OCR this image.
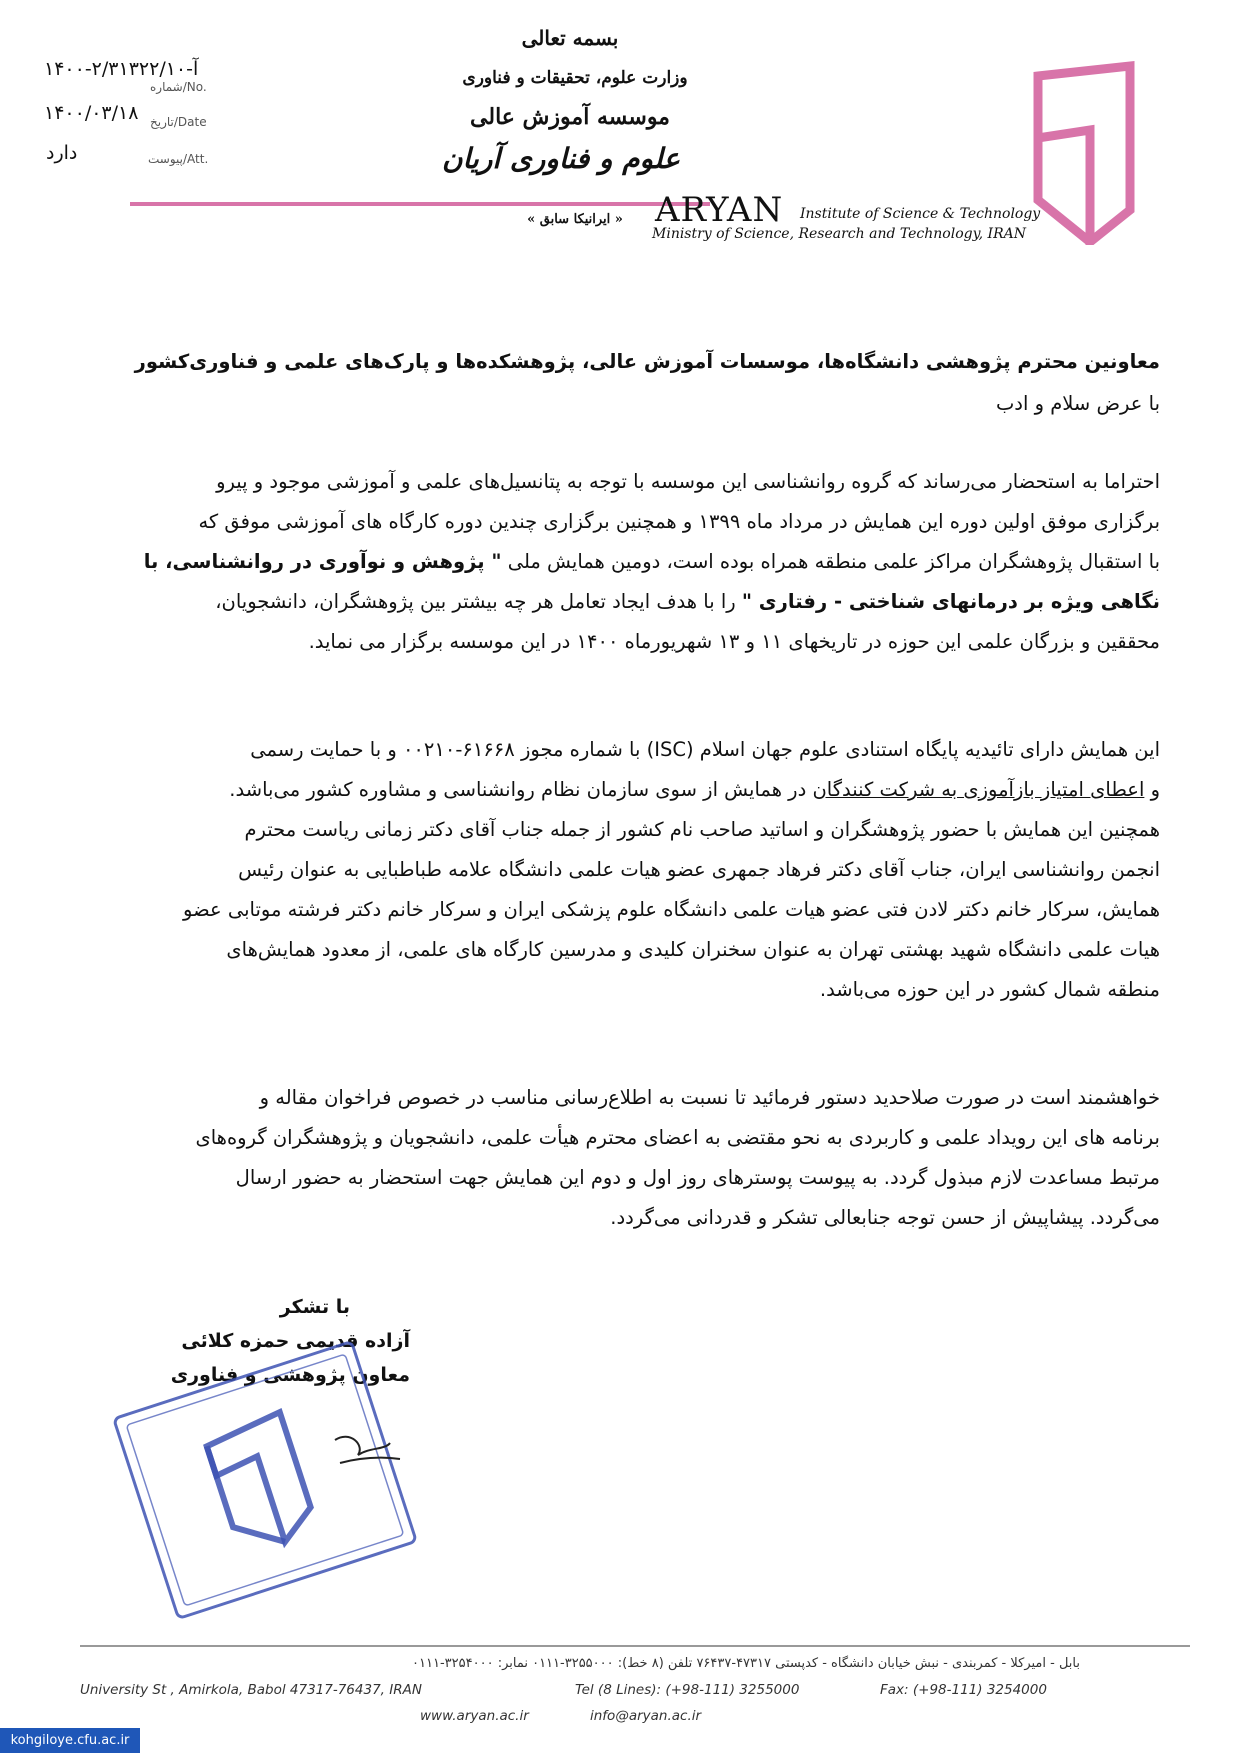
۱۴۰۰-۲/آ-۳۱۳۲۲/۱۰
شماره/No.
۱۴۰۰/۰۳/۱۸ تاریخ/Date
دارد	پیوست/Att.
بسمه تعالی
وزارت علوم، تحقیقات و فناوری
موسسه آموزش عالی
علوم و فناوری آریان
« ایرانیکا سابق » ARYAN Institute of Science & Technology
Ministry of Science, Research and Technology, IRAN
معاونین محترم پژوهشی دانشگاه‌ها، موسسات آموزش عالی، پژوهشکده‌ها و پارک‌های علمی و فناوری‌کشور
با عرض سلام و ادب
احتراما به استحضار می‌رساند که گروه روانشناسی این موسسه با توجه به پتانسیل‌های علمی و آموزشی موجود و پیرو
برگزاری موفق اولین دوره این همایش در مرداد ماه ۱۳۹۹ و همچنین برگزاری چندین دوره کارگاه های آموزشی موفق که
با استقبال پژوهشگران مراکز علمی منطقه همراه بوده است، دومین همایش ملی " پژوهش و نوآوری در روانشناسی، با
نگاهی ویژه بر درمانهای شناختی - رفتاری " را با هدف ایجاد تعامل هر چه بیشتر بین پژوهشگران، دانشجویان،
محققین و بزرگان علمی این حوزه در تاریخهای ۱۱ و ۱۳ شهریورماه ۱۴۰۰ در این موسسه برگزار می نماید.
این همایش دارای تائیدیه پایگاه استنادی علوم جهان اسلام (ISC) با شماره مجوز ۶۱۶۶۸-۰۰۲۱۰ و با حمایت رسمی
و اعطای امتیاز بازآموزی به شرکت کنندگان در همایش از سوی سازمان نظام روانشناسی و مشاوره کشور می‌باشد.
همچنین این همایش با حضور پژوهشگران و اساتید صاحب نام کشور از جمله جناب آقای دکتر زمانی ریاست محترم
انجمن روانشناسی ایران، جناب آقای دکتر فرهاد جمهری عضو هیات علمی دانشگاه علامه طباطبایی به عنوان رئیس
همایش، سرکار خانم دکتر لادن فتی عضو هیات علمی دانشگاه علوم پزشکی ایران و سرکار خانم دکتر فرشته موتابی عضو
هیات علمی دانشگاه شهید بهشتی تهران به عنوان سخنران کلیدی و مدرسین کارگاه های علمی، از معدود همایش‌های
منطقه شمال کشور در این حوزه می‌باشد.
خواهشمند است در صورت صلاحدید دستور فرمائید تا نسبت به اطلاع‌رسانی مناسب در خصوص فراخوان مقاله و
برنامه های این رویداد علمی و کاربردی به نحو مقتضی به اعضای محترم هیأت علمی، دانشجویان و پژوهشگران گروه‌های
مرتبط مساعدت لازم مبذول گردد. به پیوست پوسترهای روز اول و دوم این همایش جهت استحضار به حضور ارسال
می‌گردد. پیشاپیش از حسن توجه جنابعالی تشکر و قدردانی می‌گردد.
با تشکر
آزاده قدیمی حمزه کلائی
معاون پژوهشی و فناوری
بابل - امیرکلا - کمربندی - نبش خیابان دانشگاه - کدپستی ۴۷۳۱۷-۷۶۴۳۷ تلفن (۸ خط): ۳۲۵۵۰۰۰-۰۱۱۱ نمابر: ۳۲۵۴۰۰۰-۰۱۱۱
University St , Amirkola, Babol 47317-76437, IRAN	Tel (8 Lines): (+98-111) 3255000	Fax: (+98-111) 3254000
www.aryan.ac.ir	info@aryan.ac.ir
kohgiloye.cfu.ac.ir
